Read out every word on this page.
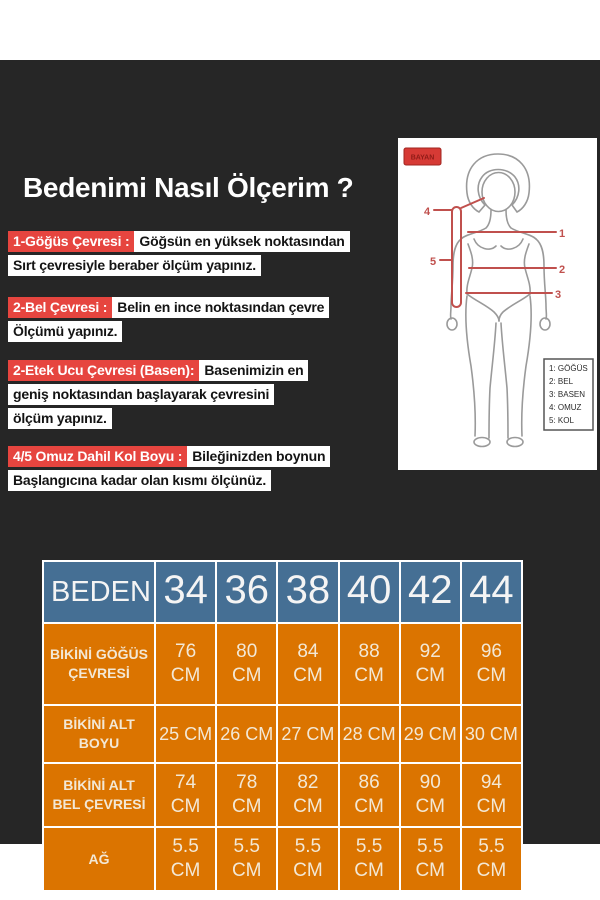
Bedenimi Nasıl Ölçerim ?
1-Göğüs Çevresi : Göğsün en yüksek noktasından
Sırt çevresiyle beraber ölçüm yapınız.
2-Bel Çevresi : Belin en ince noktasından çevre
Ölçümü yapınız.
2-Etek Ucu Çevresi (Basen): Basenimizin en
geniş noktasından başlayarak çevresini
ölçüm yapınız.
4/5 Omuz Dahil Kol Boyu : Bileğinizden boynun
Başlangıcına kadar olan kısmı ölçünüz.
4
5
1
2
3
BAYAN
1: GÖĞÜS
2: BEL
3: BASEN
4: OMUZ
5: KOL
BEDEN 34 36 38 40 42 44
BİKİNİ GÖĞÜS ÇEVRESİ
76
CM
80
CM
84
CM
88
CM
92
CM
96
CM
BİKİNİ ALT BOYU	25 CM 26 CM 27 CM 28 CM 29 CM 30 CM
BİKİNİ ALT BEL ÇEVRESİ
74
CM
78
CM
82
CM
86
CM
90
CM
94
CM
AĞ
5.5
CM
5.5
CM
5.5
CM
5.5
CM
5.5
CM
5.5
CM
